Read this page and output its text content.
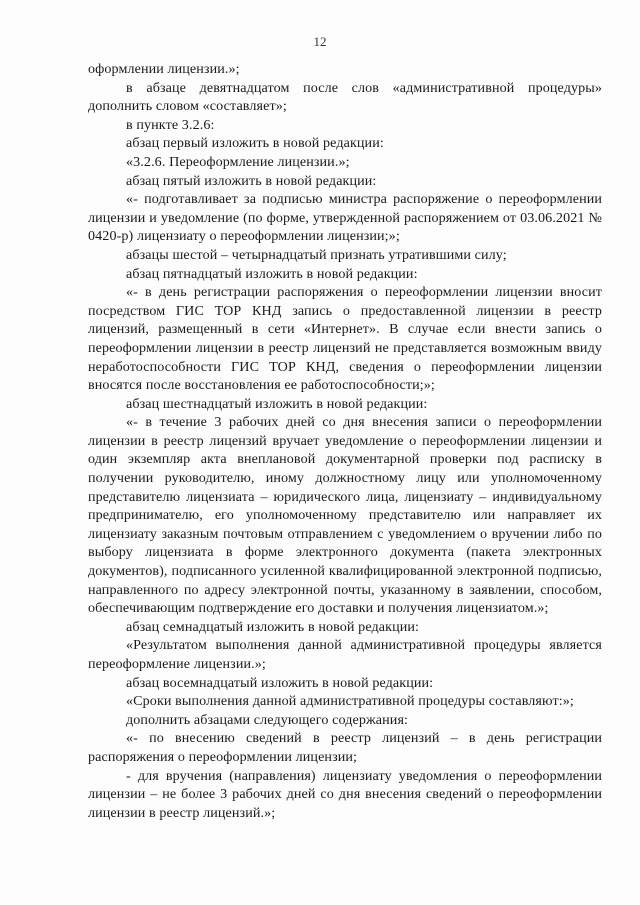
12

оформлении лицензии.»;

в абзаце девятнадцатом после слов «административной процедуры» дополнить словом «составляет»;

в пункте 3.2.6:

абзац первый изложить в новой редакции:

«3.2.6. Переоформление лицензии.»;

абзац пятый изложить в новой редакции:

«- подготавливает за подписью министра распоряжение о переоформлении лицензии и уведомление (по форме, утвержденной распоряжением от 03.06.2021 № 0420-р) лицензиату о переоформлении лицензии;»;

абзацы шестой – четырнадцатый признать утратившими силу;

абзац пятнадцатый изложить в новой редакции:

«- в день регистрации распоряжения о переоформлении лицензии вносит посредством ГИС ТОР КНД запись о предоставленной лицензии в реестр лицензий, размещенный в сети «Интернет». В случае если внести запись о переоформлении лицензии в реестр лицензий не представляется возможным ввиду неработоспособности ГИС ТОР КНД, сведения о переоформлении лицензии вносятся после восстановления ее работоспособности;»;

абзац шестнадцатый изложить в новой редакции:

«- в течение 3 рабочих дней со дня внесения записи о переоформлении лицензии в реестр лицензий вручает уведомление о переоформлении лицензии и один экземпляр акта внеплановой документарной проверки под расписку в получении руководителю, иному должностному лицу или уполномоченному представителю лицензиата – юридического лица, лицензиату – индивидуальному предпринимателю, его уполномоченному представителю или направляет их лицензиату заказным почтовым отправлением с уведомлением о вручении либо по выбору лицензиата в форме электронного документа (пакета электронных документов), подписанного усиленной квалифицированной электронной подписью, направленного по адресу электронной почты, указанному в заявлении, способом, обеспечивающим подтверждение его доставки и получения лицензиатом.»;

абзац семнадцатый изложить в новой редакции:

«Результатом выполнения данной административной процедуры является переоформление лицензии.»;

абзац восемнадцатый изложить в новой редакции:

«Сроки выполнения данной административной процедуры составляют:»;

дополнить абзацами следующего содержания:

«- по внесению сведений в реестр лицензий – в день регистрации распоряжения о переоформлении лицензии;

- для вручения (направления) лицензиату уведомления о переоформлении лицензии – не более 3 рабочих дней со дня внесения сведений о переоформлении лицензии в реестр лицензий.»;
